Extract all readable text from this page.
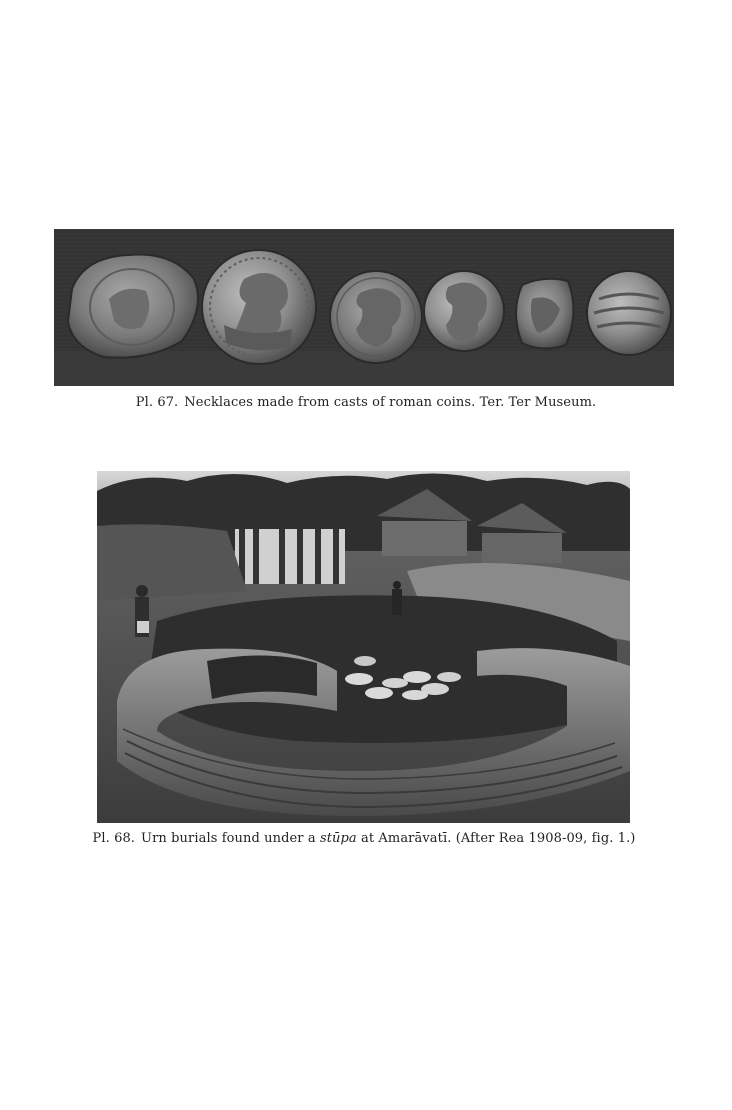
Pl. 67. Necklaces made from casts of roman coins. Ter. Ter Museum.
Pl. 68. Urn burials found under a stūpa at Amarāvatī. (After Rea 1908-09, fig. 1.)
